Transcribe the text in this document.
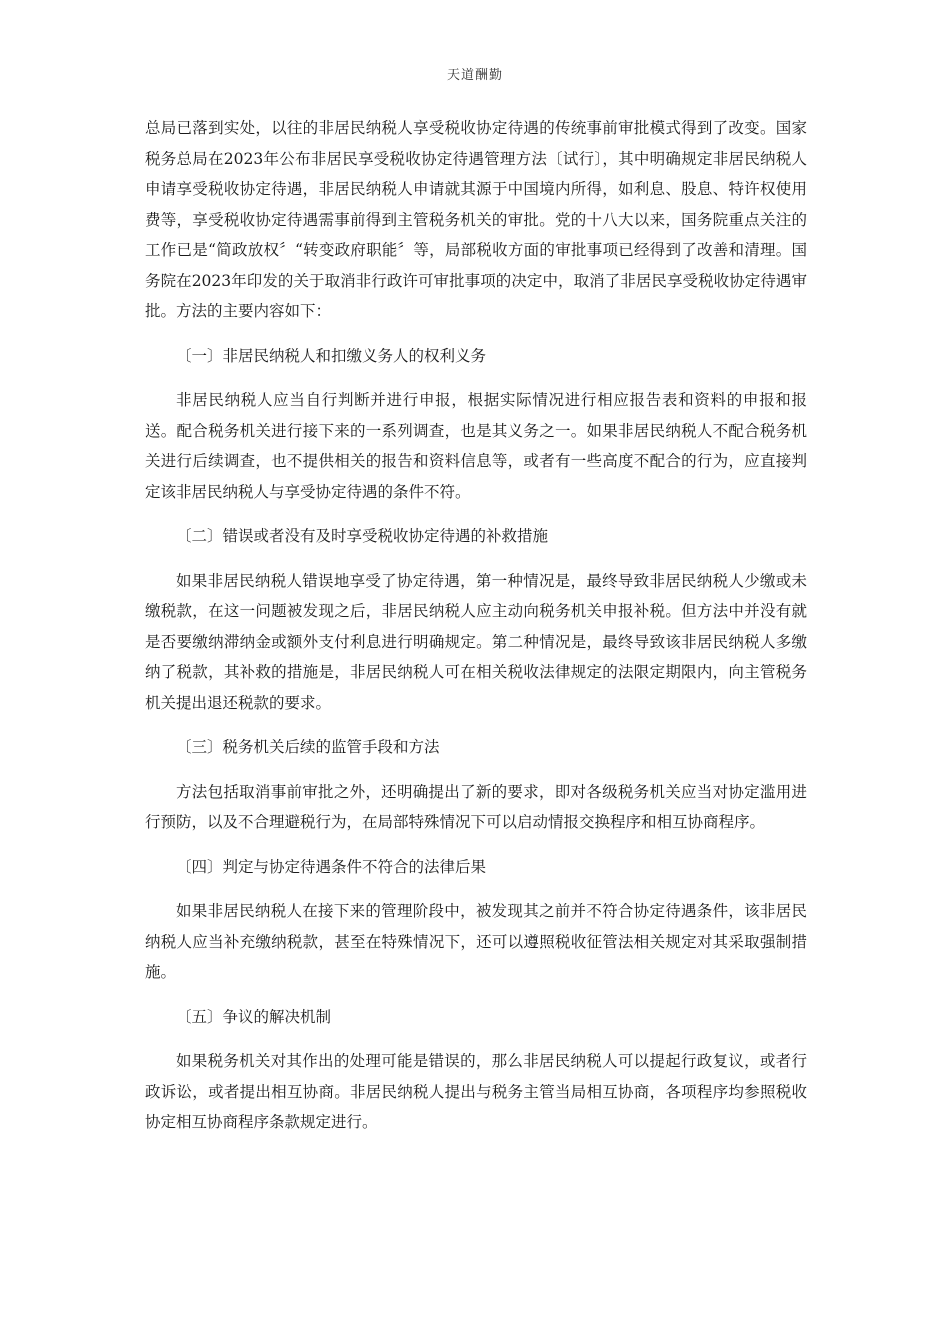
天道酬勤

总局已落到实处，以往的非居民纳税人享受税收协定待遇的传统事前审批模式得到了改变。国家税务总局在2023年公布非居民享受税收协定待遇管理方法〔试行〕，其中明确规定非居民纳税人申请享受税收协定待遇，非居民纳税人申请就其源于中国境内所得，如利息、股息、特许权使用费等，享受税收协定待遇需事前得到主管税务机关的审批。党的十八大以来，国务院重点关注的工作已是“简政放权〞“转变政府职能〞等，局部税收方面的审批事项已经得到了改善和清理。国务院在2023年印发的关于取消非行政许可审批事项的决定中，取消了非居民享受税收协定待遇审批。方法的主要内容如下：

〔一〕非居民纳税人和扣缴义务人的权利义务

非居民纳税人应当自行判断并进行申报，根据实际情况进行相应报告表和资料的申报和报送。配合税务机关进行接下来的一系列调查，也是其义务之一。如果非居民纳税人不配合税务机关进行后续调查，也不提供相关的报告和资料信息等，或者有一些高度不配合的行为，应直接判定该非居民纳税人与享受协定待遇的条件不符。

〔二〕错误或者没有及时享受税收协定待遇的补救措施

如果非居民纳税人错误地享受了协定待遇，第一种情况是，最终导致非居民纳税人少缴或未缴税款，在这一问题被发现之后，非居民纳税人应主动向税务机关申报补税。但方法中并没有就是否要缴纳滞纳金或额外支付利息进行明确规定。第二种情况是，最终导致该非居民纳税人多缴纳了税款，其补救的措施是，非居民纳税人可在相关税收法律规定的法限定期限内，向主管税务机关提出退还税款的要求。

〔三〕税务机关后续的监管手段和方法

方法包括取消事前审批之外，还明确提出了新的要求，即对各级税务机关应当对协定滥用进行预防，以及不合理避税行为，在局部特殊情况下可以启动情报交换程序和相互协商程序。

〔四〕判定与协定待遇条件不符合的法律后果

如果非居民纳税人在接下来的管理阶段中，被发现其之前并不符合协定待遇条件，该非居民纳税人应当补充缴纳税款，甚至在特殊情况下，还可以遵照税收征管法相关规定对其采取强制措施。

〔五〕争议的解决机制

如果税务机关对其作出的处理可能是错误的，那么非居民纳税人可以提起行政复议，或者行政诉讼，或者提出相互协商。非居民纳税人提出与税务主管当局相互协商，各项程序均参照税收协定相互协商程序条款规定进行。
